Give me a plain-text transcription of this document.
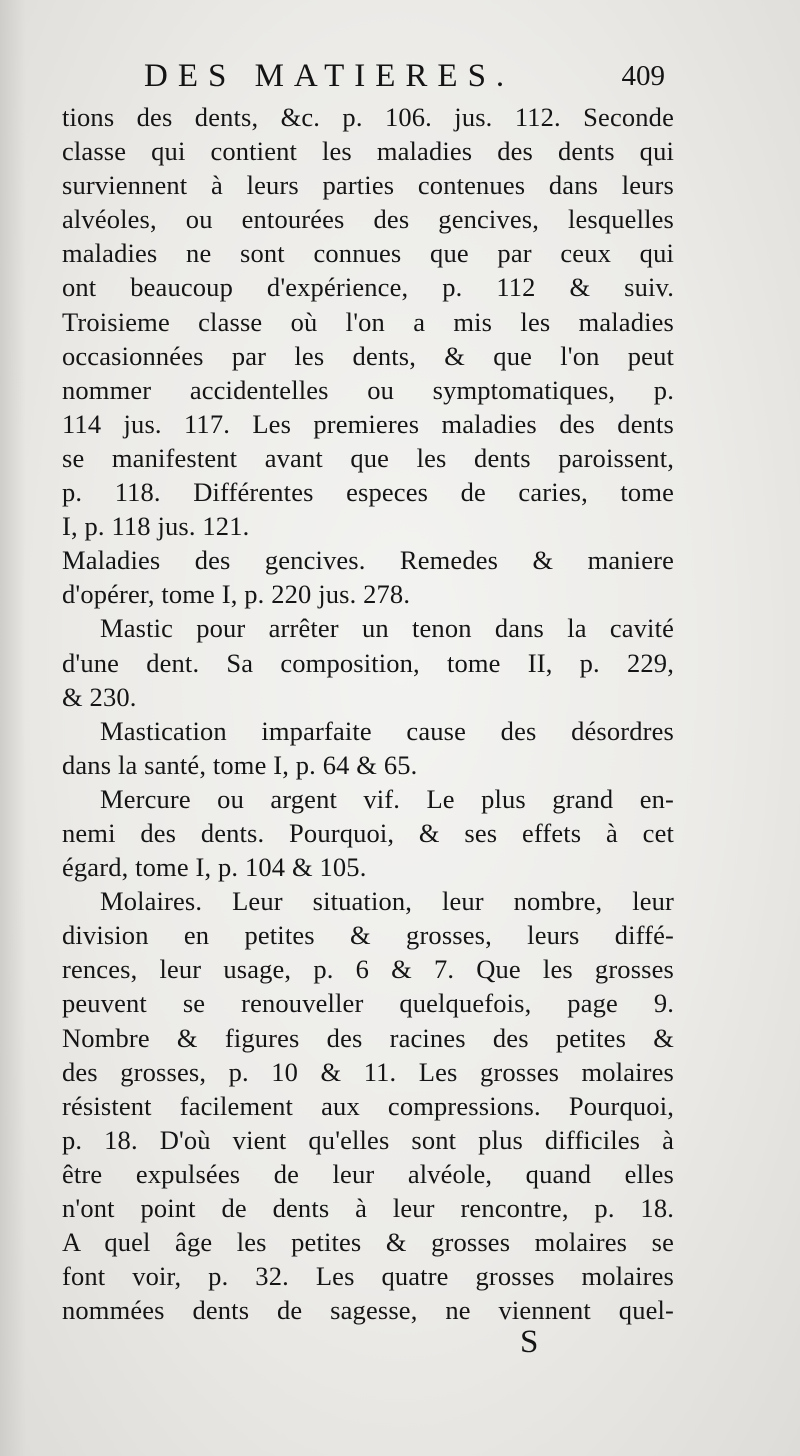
DES MATIERES.	409
tions des dents, &c. p. 106. jus. 112. Seconde
classe qui contient les maladies des dents qui
surviennent à leurs parties contenues dans leurs
alvéoles, ou entourées des gencives, lesquelles
maladies ne sont connues que par ceux qui
ont beaucoup d'expérience, p. 112 & suiv.
Troisieme classe où l'on a mis les maladies
occasionnées par les dents, & que l'on peut
nommer accidentelles ou symptomatiques, p.
114 jus. 117. Les premieres maladies des dents
se manifestent avant que les dents paroissent,
p. 118. Différentes especes de caries, tome
I, p. 118 jus. 121.
Maladies des gencives. Remedes & maniere
d'opérer, tome I, p. 220 jus. 278.
Mastic pour arrêter un tenon dans la cavité
d'une dent. Sa composition, tome II, p. 229,
& 230.
Mastication imparfaite cause des désordres
dans la santé, tome I, p. 64 & 65.
Mercure ou argent vif. Le plus grand en-
nemi des dents. Pourquoi, & ses effets à cet
égard, tome I, p. 104 & 105.
Molaires. Leur situation, leur nombre, leur
division en petites & grosses, leurs diffé-
rences, leur usage, p. 6 & 7. Que les grosses
peuvent se renouveller quelquefois, page 9.
Nombre & figures des racines des petites &
des grosses, p. 10 & 11. Les grosses molaires
résistent facilement aux compressions. Pourquoi,
p. 18. D'où vient qu'elles sont plus difficiles à
être expulsées de leur alvéole, quand elles
n'ont point de dents à leur rencontre, p. 18.
A quel âge les petites & grosses molaires se
font voir, p. 32. Les quatre grosses molaires
nommées dents de sagesse, ne viennent quel-
S
